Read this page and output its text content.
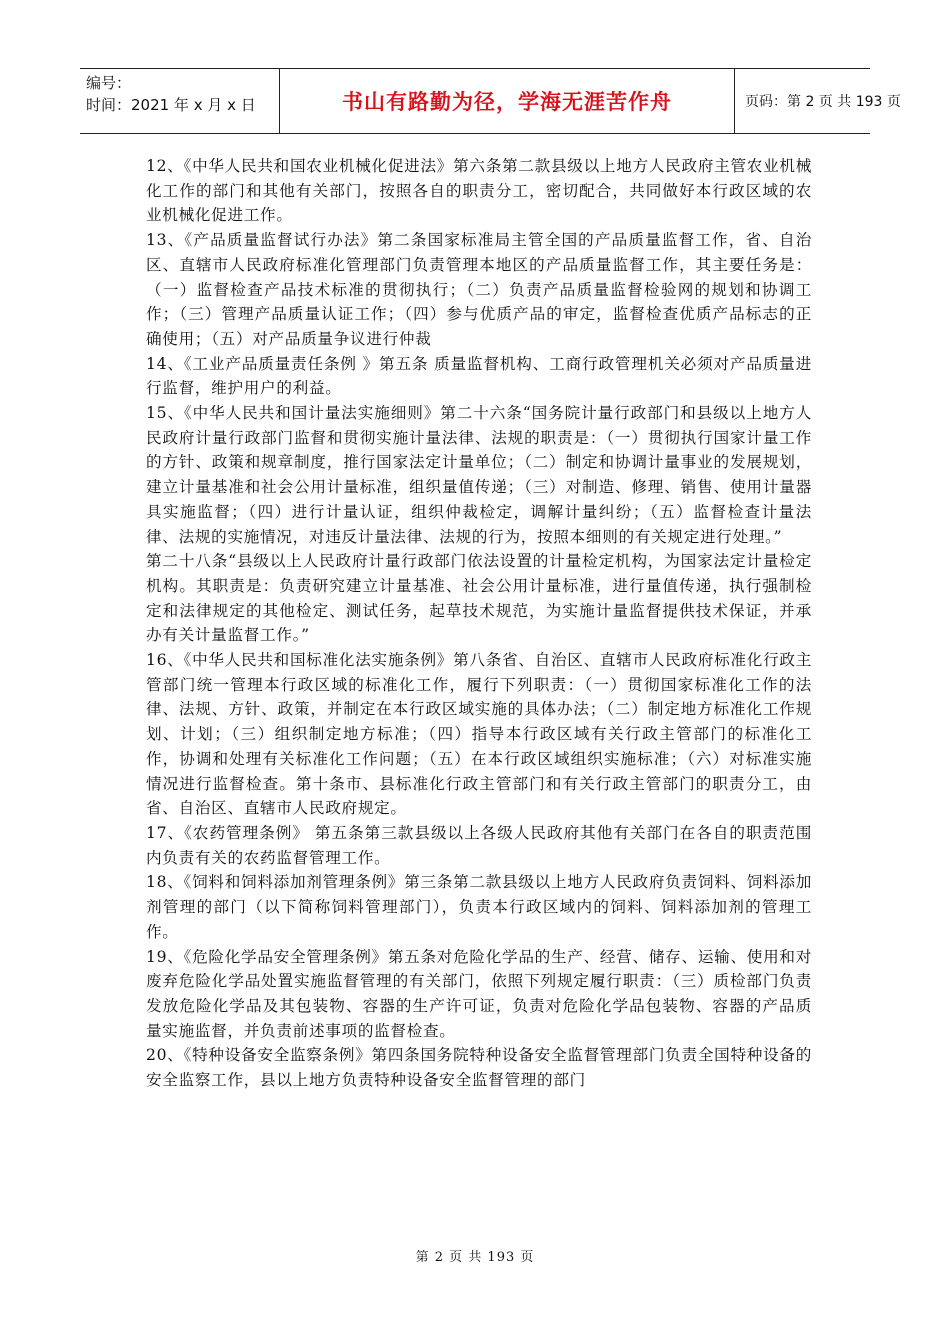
编号：
时间：2021 年 x 月 x 日	书山有路勤为径，学海无涯苦作舟	页码：第 2 页 共 193 页

12、《中华人民共和国农业机械化促进法》第六条第二款县级以上地方人民政府主管农业机械化工作的部门和其他有关部门，按照各自的职责分工，密切配合，共同做好本行政区域的农业机械化促进工作。

13、《产品质量监督试行办法》第二条国家标准局主管全国的产品质量监督工作，省、自治区、直辖市人民政府标准化管理部门负责管理本地区的产品质量监督工作，其主要任务是：（一）监督检查产品技术标准的贯彻执行；（二）负责产品质量监督检验网的规划和协调工作；（三）管理产品质量认证工作；（四）参与优质产品的审定，监督检查优质产品标志的正确使用；（五）对产品质量争议进行仲裁

14、《工业产品质量责任条例 》第五条 质量监督机构、工商行政管理机关必须对产品质量进行监督，维护用户的利益。

15、《中华人民共和国计量法实施细则》第二十六条“国务院计量行政部门和县级以上地方人民政府计量行政部门监督和贯彻实施计量法律、法规的职责是：（一）贯彻执行国家计量工作的方针、政策和规章制度，推行国家法定计量单位；（二）制定和协调计量事业的发展规划，建立计量基准和社会公用计量标准，组织量值传递；（三）对制造、修理、销售、使用计量器具实施监督；（四）进行计量认证，组织仲裁检定，调解计量纠纷；（五）监督检查计量法律、法规的实施情况，对违反计量法律、法规的行为，按照本细则的有关规定进行处理。”

第二十八条“县级以上人民政府计量行政部门依法设置的计量检定机构，为国家法定计量检定机构。其职责是：负责研究建立计量基准、社会公用计量标准，进行量值传递，执行强制检定和法律规定的其他检定、测试任务，起草技术规范，为实施计量监督提供技术保证，并承办有关计量监督工作。”

16、《中华人民共和国标准化法实施条例》第八条省、自治区、直辖市人民政府标准化行政主管部门统一管理本行政区域的标准化工作，履行下列职责：（一）贯彻国家标准化工作的法律、法规、方针、政策，并制定在本行政区域实施的具体办法；（二）制定地方标准化工作规划、计划；（三）组织制定地方标准；（四）指导本行政区域有关行政主管部门的标准化工作，协调和处理有关标准化工作问题；（五）在本行政区域组织实施标准；（六）对标准实施情况进行监督检查。第十条市、县标准化行政主管部门和有关行政主管部门的职责分工，由省、自治区、直辖市人民政府规定。

17、《农药管理条例》 第五条第三款县级以上各级人民政府其他有关部门在各自的职责范围内负责有关的农药监督管理工作。

18、《饲料和饲料添加剂管理条例》第三条第二款县级以上地方人民政府负责饲料、饲料添加剂管理的部门（以下简称饲料管理部门），负责本行政区域内的饲料、饲料添加剂的管理工作。

19、《危险化学品安全管理条例》第五条对危险化学品的生产、经营、储存、运输、使用和对废弃危险化学品处置实施监督管理的有关部门，依照下列规定履行职责：（三）质检部门负责发放危险化学品及其包装物、容器的生产许可证，负责对危险化学品包装物、容器的产品质量实施监督，并负责前述事项的监督检查。

20、《特种设备安全监察条例》第四条国务院特种设备安全监督管理部门负责全国特种设备的安全监察工作，县以上地方负责特种设备安全监督管理的部门

第 2 页 共 193 页
